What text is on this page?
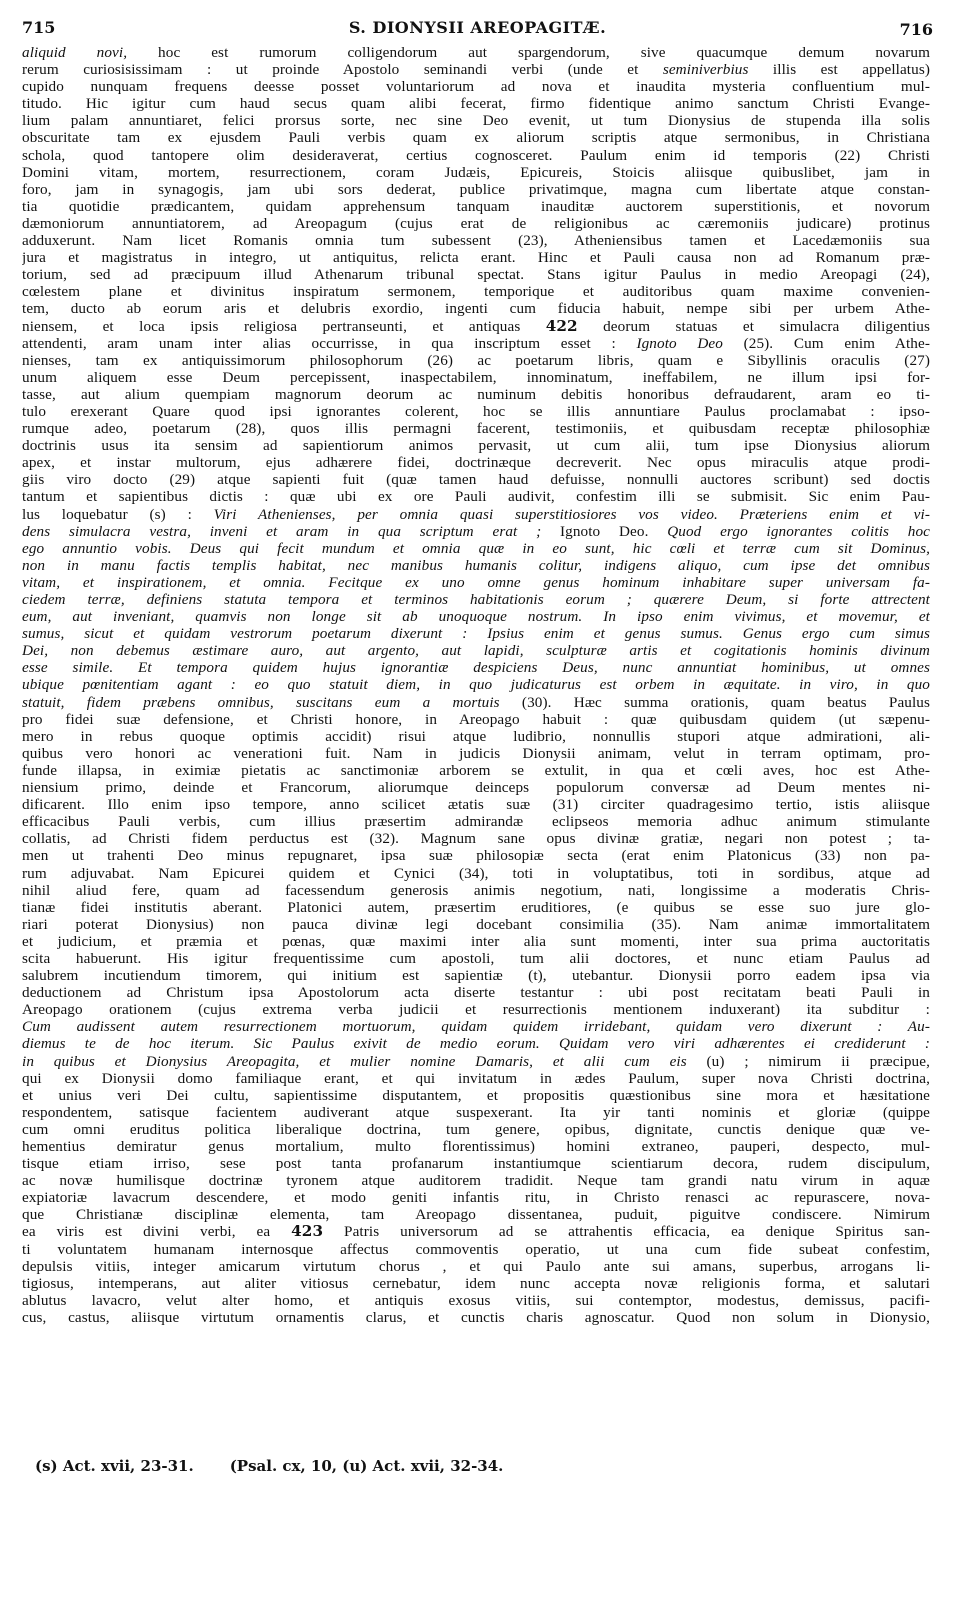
715	S. DIONYSII AREOPAGITÆ.	716
aliquid novi, hoc est rumorum colligendorum aut spargendorum, sive quacumque demum novarum
rerum curiosisissimam : ut proinde Apostolo seminandi verbi (unde et seminiverbius illis est appellatus)
cupido nunquam frequens deesse posset voluntariorum ad nova et inaudita mysteria confluentium mul-
titudo. Hic igitur cum haud secus quam alibi fecerat, firmo fidentique animo sanctum Christi Evange-
lium palam annuntiaret, felici prorsus sorte, nec sine Deo evenit, ut tum Dionysius de stupenda illa solis
obscuritate tam ex ejusdem Pauli verbis quam ex aliorum scriptis atque sermonibus, in Christiana
schola, quod tantopere olim desideraverat, certius cognosceret. Paulum enim id temporis (22) Christi
Domini vitam, mortem, resurrectionem, coram Judæis, Epicureis, Stoicis aliisque quibuslibet, jam in
foro, jam in synagogis, jam ubi sors dederat, publice privatimque, magna cum libertate atque constan-
tia quotidie prædicantem, quidam apprehensum tanquam inauditæ auctorem superstitionis, et novorum
dæmoniorum annuntiatorem, ad Areopagum (cujus erat de religionibus ac cæremoniis judicare) protinus
adduxerunt. Nam licet Romanis omnia tum subessent (23), Atheniensibus tamen et Lacedæmoniis sua
jura et magistratus in integro, ut antiquitus, relicta erant. Hinc et Pauli causa non ad Romanum præ-
torium, sed ad præcipuum illud Athenarum tribunal spectat. Stans igitur Paulus in medio Areopagi (24),
cœlestem plane et divinitus inspiratum sermonem, temporique et auditoribus quam maxime convenien-
tem, ducto ab eorum aris et delubris exordio, ingenti cum fiducia habuit, nempe sibi per urbem Athe-
niensem, et loca ipsis religiosa pertranseunti, et antiquas 422 deorum statuas et simulacra diligentius
attendenti, aram unam inter alias occurrisse, in qua inscriptum esset : Ignoto Deo (25). Cum enim Athe-
nienses, tam ex antiquissimorum philosophorum (26) ac poetarum libris, quam e Sibyllinis oraculis (27)
unum aliquem esse Deum percepissent, inaspectabilem, innominatum, ineffabilem, ne illum ipsi for-
tasse, aut alium quempiam magnorum deorum ac numinum debitis honoribus defraudarent, aram eo ti-
tulo erexerant Quare quod ipsi ignorantes colerent, hoc se illis annuntiare Paulus proclamabat : ipso-
rumque adeo, poetarum (28), quos illis permagni facerent, testimoniis, et quibusdam receptæ philosophiæ
doctrinis usus ita sensim ad sapientiorum animos pervasit, ut cum alii, tum ipse Dionysius aliorum
apex, et instar multorum, ejus adhærere fidei, doctrinæque decreverit. Nec opus miraculis atque prodi-
giis viro docto (29) atque sapienti fuit (quæ tamen haud defuisse, nonnulli auctores scribunt) sed doctis
tantum et sapientibus dictis : quæ ubi ex ore Pauli audivit, confestim illi se submisit. Sic enim Pau-
lus loquebatur (s) : Viri Athenienses, per omnia quasi superstitiosiores vos video. Præteriens enim et vi-
dens simulacra vestra, inveni et aram in qua scriptum erat ; Ignoto Deo. Quod ergo ignorantes colitis hoc
ego annuntio vobis. Deus qui fecit mundum et omnia quæ in eo sunt, hic cœli et terræ cum sit Dominus,
non in manu factis templis habitat, nec manibus humanis colitur, indigens aliquo, cum ipse det omnibus
vitam, et inspirationem, et omnia. Fecitque ex uno omne genus hominum inhabitare super universam fa-
ciedem terræ, definiens statuta tempora et terminos habitationis eorum ; quærere Deum, si forte attrectent
eum, aut inveniant, quamvis non longe sit ab unoquoque nostrum. In ipso enim vivimus, et movemur, et
sumus, sicut et quidam vestrorum poetarum dixerunt : Ipsius enim et genus sumus. Genus ergo cum simus
Dei, non debemus æstimare auro, aut argento, aut lapidi, sculpturæ artis et cogitationis hominis divinum
esse simile. Et tempora quidem hujus ignorantiæ despiciens Deus, nunc annuntiat hominibus, ut omnes
ubique pœnitentiam agant : eo quo statuit diem, in quo judicaturus est orbem in æquitate. in viro, in quo
statuit, fidem præbens omnibus, suscitans eum a mortuis (30). Hæc summa orationis, quam beatus Paulus
pro fidei suæ defensione, et Christi honore, in Areopago habuit : quæ quibusdam quidem (ut sæpenu-
mero in rebus quoque optimis accidit) risui atque ludibrio, nonnullis stupori atque admirationi, ali-
quibus vero honori ac venerationi fuit. Nam in judicis Dionysii animam, velut in terram optimam, pro-
funde illapsa, in eximiæ pietatis ac sanctimoniæ arborem se extulit, in qua et cœli aves, hoc est Athe-
niensium primo, deinde et Francorum, aliorumque deinceps populorum conversæ ad Deum mentes ni-
dificarent. Illo enim ipso tempore, anno scilicet ætatis suæ (31) circiter quadragesimo tertio, istis aliisque
efficacibus Pauli verbis, cum illius præsertim admirandæ eclipseos memoria adhuc animum stimulante
collatis, ad Christi fidem perductus est (32). Magnum sane opus divinæ gratiæ, negari non potest ; ta-
men ut trahenti Deo minus repugnaret, ipsa suæ philosopiæ secta (erat enim Platonicus (33) non pa-
rum adjuvabat. Nam Epicurei quidem et Cynici (34), toti in voluptatibus, toti in sordibus, atque ad
nihil aliud fere, quam ad facessendum generosis animis negotium, nati, longissime a moderatis Chris-
tianæ fidei institutis aberant. Platonici autem, præsertim eruditiores, (e quibus se esse suo jure glo-
riari poterat Dionysius) non pauca divinæ legi docebant consimilia (35). Nam animæ immortalitatem
et judicium, et præmia et pœnas, quæ maximi inter alia sunt momenti, inter sua prima auctoritatis
scita habuerunt. His igitur frequentissime cum apostoli, tum alii doctores, et nunc etiam Paulus ad
salubrem incutiendum timorem, qui initium est sapientiæ (t), utebantur. Dionysii porro eadem ipsa via
deductionem ad Christum ipsa Apostolorum acta diserte testantur : ubi post recitatam beati Pauli in
Areopago orationem (cujus extrema verba judicii et resurrectionis mentionem induxerant) ita subditur :
Cum audissent autem resurrectionem mortuorum, quidam quidem irridebant, quidam vero dixerunt : Au-
diemus te de hoc iterum. Sic Paulus exivit de medio eorum. Quidam vero viri adhærentes ei crediderunt :
in quibus et Dionysius Areopagita, et mulier nomine Damaris, et alii cum eis (u) ; nimirum ii præcipue,
qui ex Dionysii domo familiaque erant, et qui invitatum in ædes Paulum, super nova Christi doctrina,
et unius veri Dei cultu, sapientissime disputantem, et propositis quæstionibus sine mora et hæsitatione
respondentem, satisque facientem audiverant atque suspexerant. Ita yir tanti nominis et gloriæ (quippe
cum omni eruditus politica liberalique doctrina, tum genere, opibus, dignitate, cunctis denique quæ ve-
hementius demiratur genus mortalium, multo florentissimus) homini extraneo, pauperi, despecto, mul-
tisque etiam irriso, sese post tanta profanarum instantiumque scientiarum decora, rudem discipulum,
ac novæ humilisque doctrinæ tyronem atque auditorem tradidit. Neque tam grandi natu virum in aquæ
expiatoriæ lavacrum descendere, et modo geniti infantis ritu, in Christo renasci ac repurascere, nova-
que Christianæ disciplinæ elementa, tam Areopago dissentanea, puduit, piguitve condiscere. Nimirum
ea viris est divini verbi, ea 423 Patris universorum ad se attrahentis efficacia, ea denique Spiritus san-
ti voluntatem humanam internosque affectus commoventis operatio, ut una cum fide subeat confestim,
depulsis vitiis, integer amicarum virtutum chorus , et qui Paulo ante sui amans, superbus, arrogans li-
tigiosus, intemperans, aut aliter vitiosus cernebatur, idem nunc accepta novæ religionis forma, et salutari
ablutus lavacro, velut alter homo, et antiquis exosus vitiis, sui contemptor, modestus, demissus, pacifi-
cus, castus, aliisque virtutum ornamentis clarus, et cunctis charis agnoscatur. Quod non solum in Dionysio,
(s) Act. xvii, 23-31. (Psal. cx, 10, (u) Act. xvii, 32-34.
